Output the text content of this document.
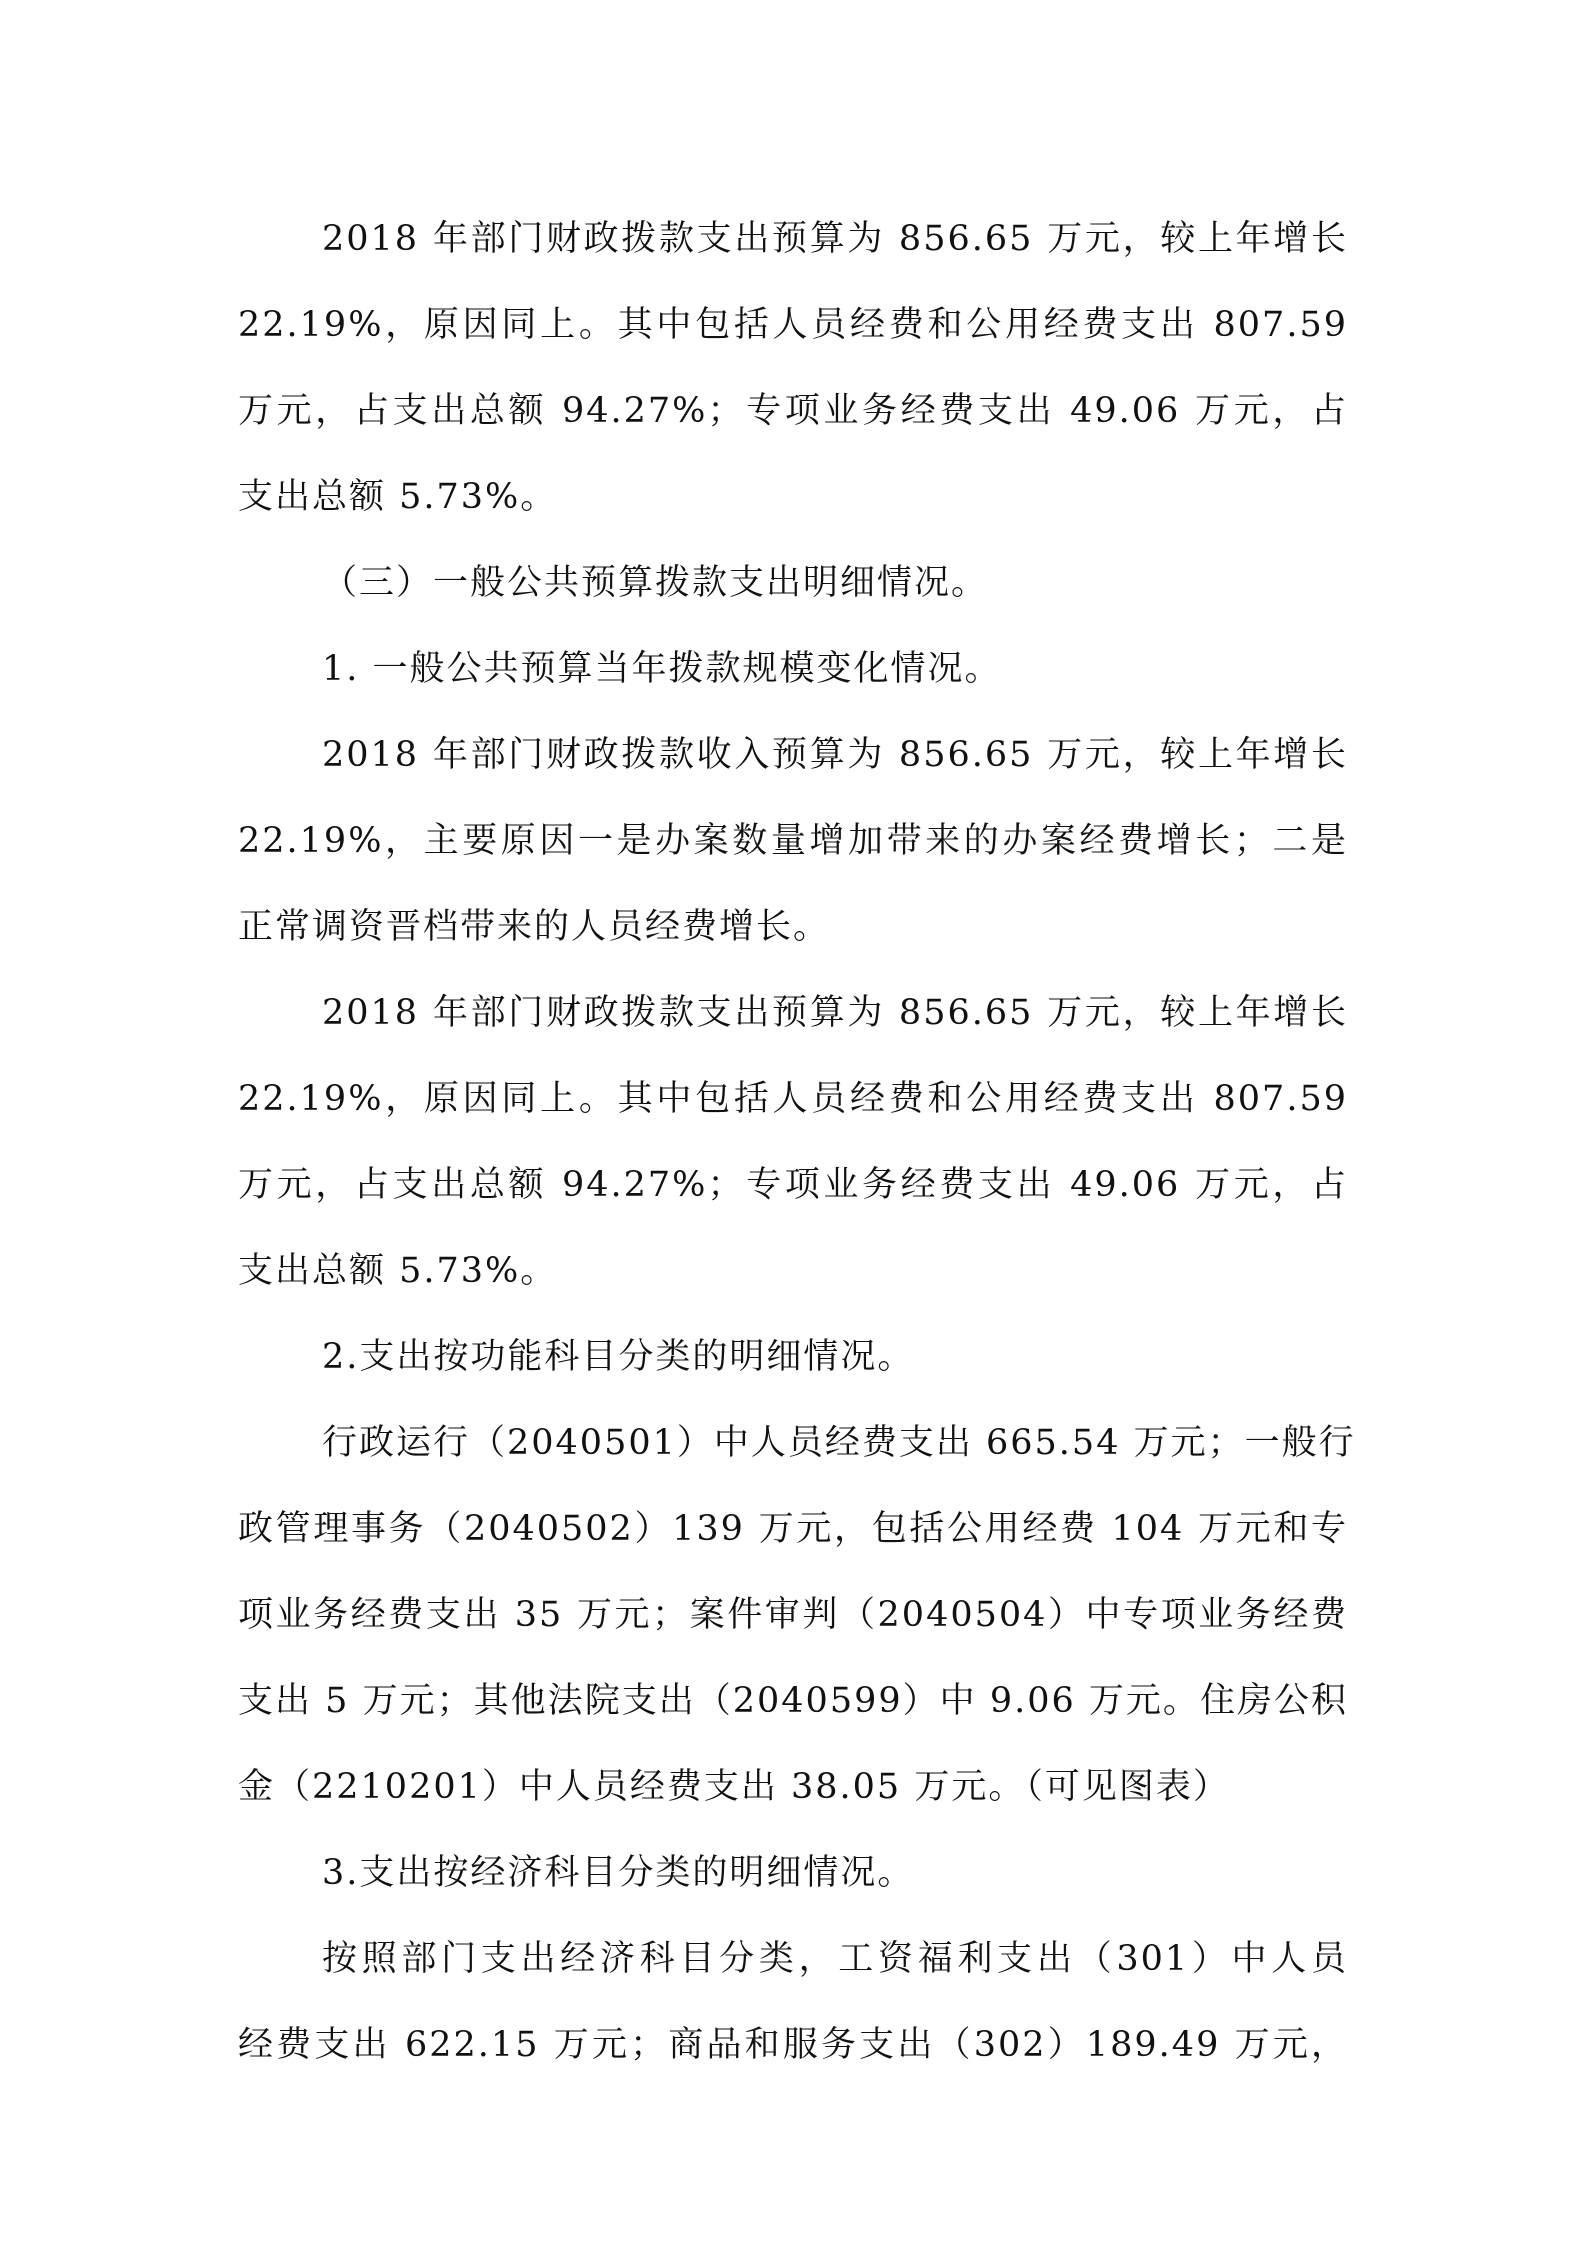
2018 年部门财政拨款支出预算为 856.65 万元，较上年增长
22.19%，原因同上。其中包括人员经费和公用经费支出 807.59
万元，占支出总额 94.27%；专项业务经费支出 49.06 万元，占
支出总额 5.73%。
（三）一般公共预算拨款支出明细情况。
1. 一般公共预算当年拨款规模变化情况。
2018 年部门财政拨款收入预算为 856.65 万元，较上年增长
22.19%，主要原因一是办案数量增加带来的办案经费增长；二是
正常调资晋档带来的人员经费增长。
2018 年部门财政拨款支出预算为 856.65 万元，较上年增长
22.19%，原因同上。其中包括人员经费和公用经费支出 807.59
万元，占支出总额 94.27%；专项业务经费支出 49.06 万元，占
支出总额 5.73%。
2.支出按功能科目分类的明细情况。
行政运行（2040501）中人员经费支出 665.54 万元；一般行
政管理事务（2040502）139 万元，包括公用经费 104 万元和专
项业务经费支出 35 万元；案件审判（2040504）中专项业务经费
支出 5 万元；其他法院支出（2040599）中 9.06 万元。住房公积
金（2210201）中人员经费支出 38.05 万元。（可见图表）
3.支出按经济科目分类的明细情况。
按照部门支出经济科目分类，工资福利支出（301）中人员
经费支出 622.15 万元；商品和服务支出（302）189.49 万元，
